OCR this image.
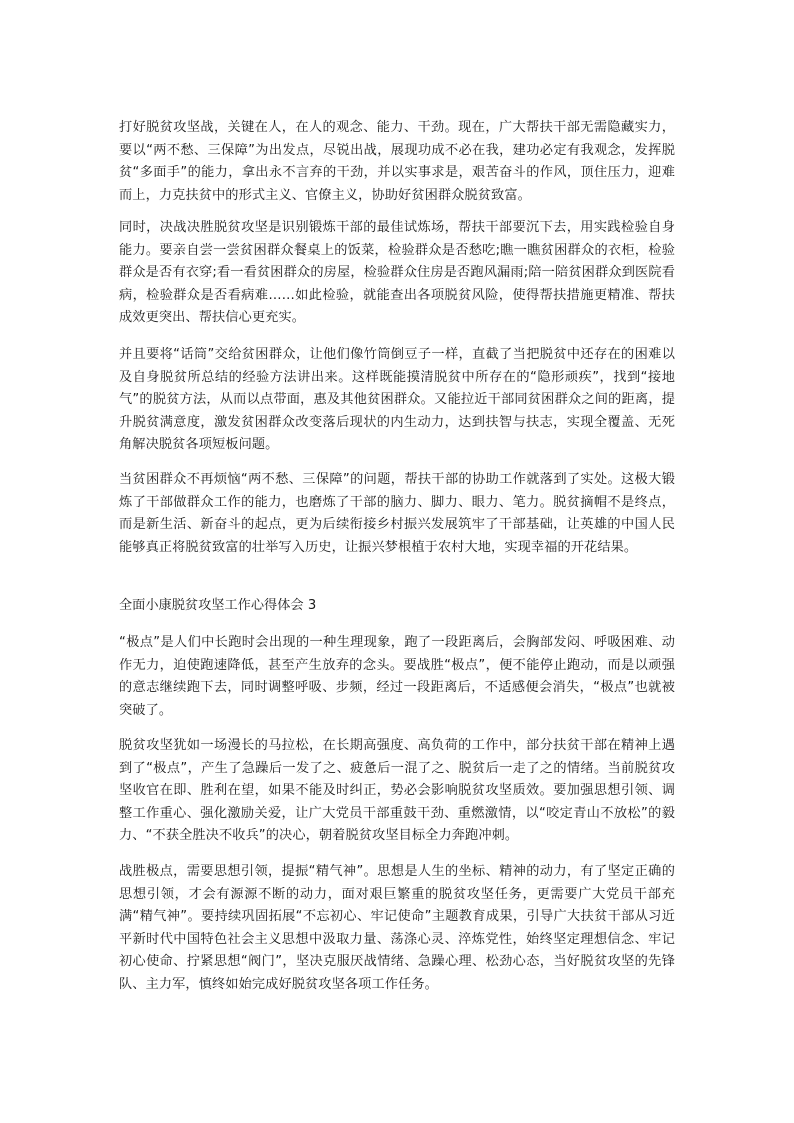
打好脱贫攻坚战，关键在人，在人的观念、能力、干劲。现在，广大帮扶干部无需隐藏实力，要以“两不愁、三保障”为出发点，尽锐出战，展现功成不必在我，建功必定有我观念，发挥脱贫“多面手”的能力，拿出永不言弃的干劲，并以实事求是，艰苦奋斗的作风，顶住压力，迎难而上，力克扶贫中的形式主义、官僚主义，协助好贫困群众脱贫致富。

同时，决战决胜脱贫攻坚是识别锻炼干部的最佳试炼场，帮扶干部要沉下去，用实践检验自身能力。要亲自尝一尝贫困群众餐桌上的饭菜，检验群众是否愁吃;瞧一瞧贫困群众的衣柜，检验群众是否有衣穿;看一看贫困群众的房屋，检验群众住房是否跑风漏雨;陪一陪贫困群众到医院看病，检验群众是否看病难……如此检验，就能查出各项脱贫风险，使得帮扶措施更精准、帮扶成效更突出、帮扶信心更充实。

并且要将“话筒”交给贫困群众，让他们像竹筒倒豆子一样，直截了当把脱贫中还存在的困难以及自身脱贫所总结的经验方法讲出来。这样既能摸清脱贫中所存在的“隐形顽疾”，找到“接地气”的脱贫方法，从而以点带面，惠及其他贫困群众。又能拉近干部同贫困群众之间的距离，提升脱贫满意度，激发贫困群众改变落后现状的内生动力，达到扶智与扶志，实现全覆盖、无死角解决脱贫各项短板问题。

当贫困群众不再烦恼“两不愁、三保障”的问题，帮扶干部的协助工作就落到了实处。这极大锻炼了干部做群众工作的能力，也磨炼了干部的脑力、脚力、眼力、笔力。脱贫摘帽不是终点，而是新生活、新奋斗的起点，更为后续衔接乡村振兴发展筑牢了干部基础，让英雄的中国人民能够真正将脱贫致富的壮举写入历史，让振兴梦根植于农村大地，实现幸福的开花结果。

全面小康脱贫攻坚工作心得体会 3

“极点”是人们中长跑时会出现的一种生理现象，跑了一段距离后，会胸部发闷、呼吸困难、动作无力，迫使跑速降低，甚至产生放弃的念头。要战胜“极点”，便不能停止跑动，而是以顽强的意志继续跑下去，同时调整呼吸、步频，经过一段距离后，不适感便会消失，“极点”也就被突破了。

脱贫攻坚犹如一场漫长的马拉松，在长期高强度、高负荷的工作中，部分扶贫干部在精神上遇到了“极点”，产生了急躁后一发了之、疲惫后一混了之、脱贫后一走了之的情绪。当前脱贫攻坚收官在即、胜利在望，如果不能及时纠正，势必会影响脱贫攻坚质效。要加强思想引领、调整工作重心、强化激励关爱，让广大党员干部重鼓干劲、重燃激情，以“咬定青山不放松”的毅力、“不获全胜决不收兵”的决心，朝着脱贫攻坚目标全力奔跑冲刺。

战胜极点，需要思想引领，提振“精气神”。思想是人生的坐标、精神的动力，有了坚定正确的思想引领，才会有源源不断的动力，面对艰巨繁重的脱贫攻坚任务，更需要广大党员干部充满“精气神”。要持续巩固拓展“不忘初心、牢记使命”主题教育成果，引导广大扶贫干部从习近平新时代中国特色社会主义思想中汲取力量、荡涤心灵、淬炼党性，始终坚定理想信念、牢记初心使命、拧紧思想“阀门”，坚决克服厌战情绪、急躁心理、松劲心态，当好脱贫攻坚的先锋队、主力军，慎终如始完成好脱贫攻坚各项工作任务。
